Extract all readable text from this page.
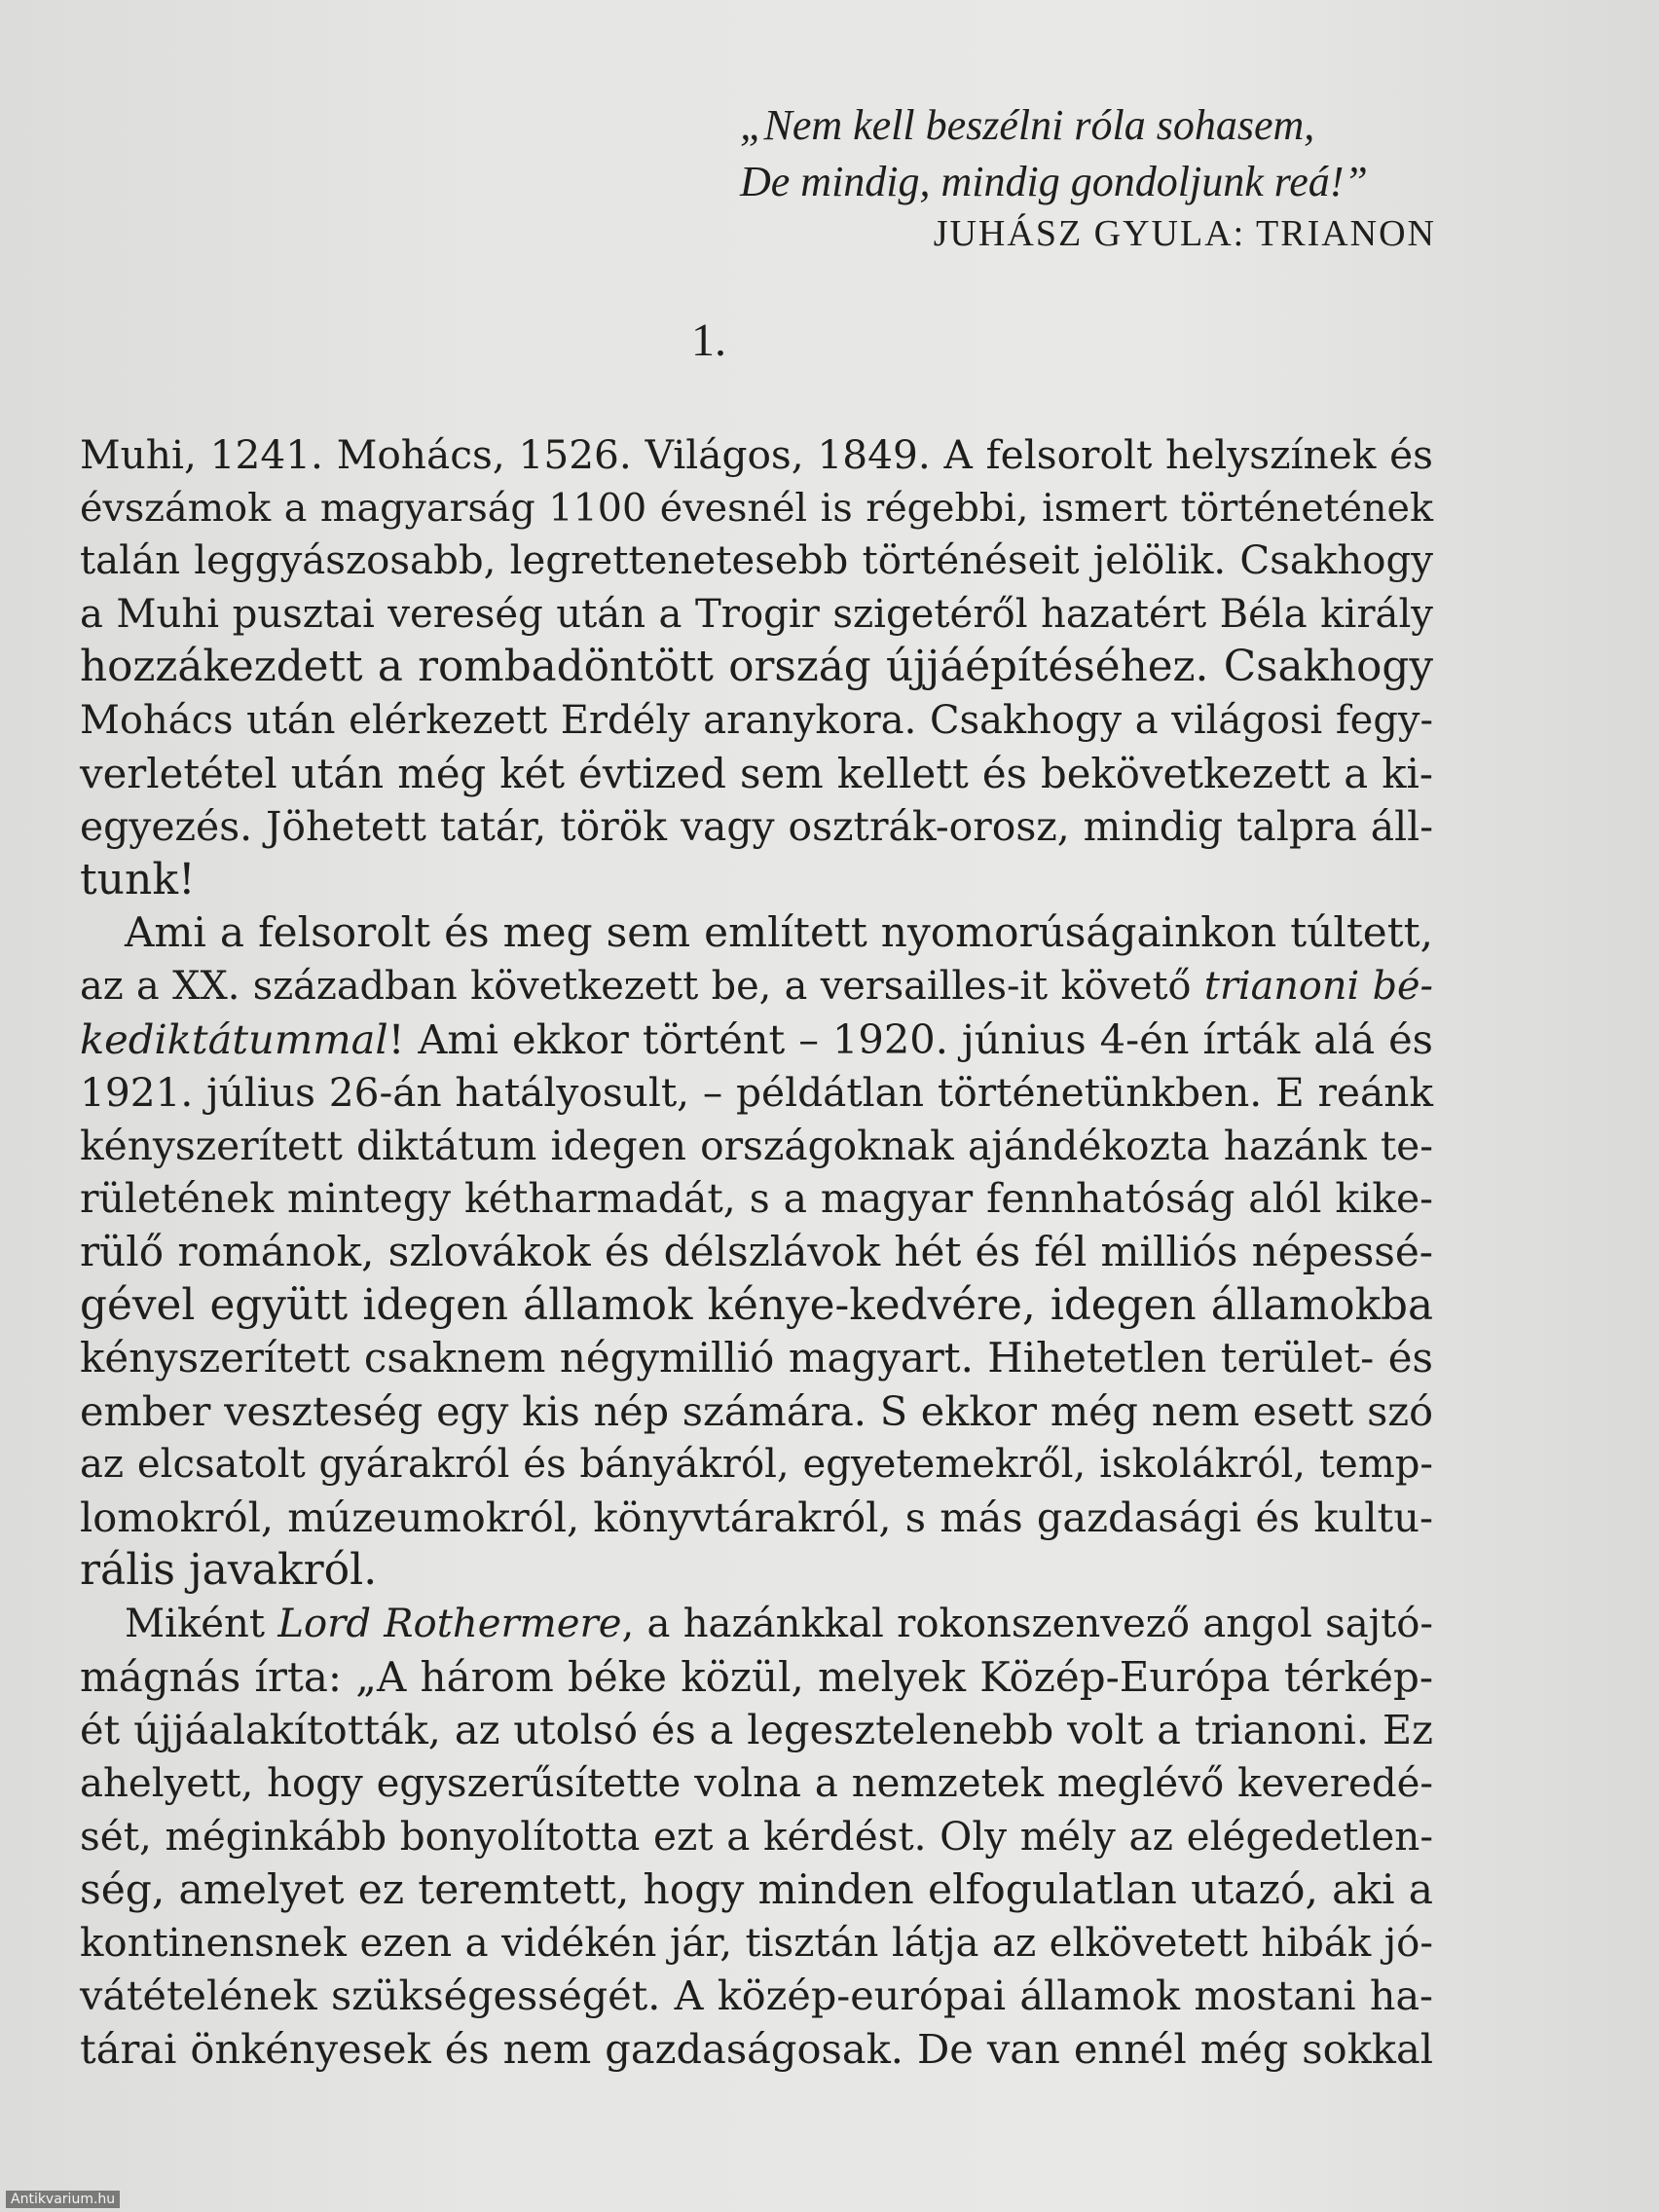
„Nem kell beszélni róla sohasem,
De mindig, mindig gondoljunk reá!”
JUHÁSZ GYULA: TRIANON
1.
Muhi, 1241. Mohács, 1526. Világos, 1849. A felsorolt helyszínek és
évszámok a magyarság 1100 évesnél is régebbi, ismert történetének
talán leggyászosabb, legrettenetesebb történéseit jelölik. Csakhogy
a Muhi pusztai vereség után a Trogir szigetéről hazatért Béla király
hozzákezdett a rombadöntött ország újjáépítéséhez. Csakhogy
Mohács után elérkezett Erdély aranykora. Csakhogy a világosi fegy-
verletétel után még két évtized sem kellett és bekövetkezett a ki-
egyezés. Jöhetett tatár, török vagy osztrák-orosz, mindig talpra áll-
tunk!
Ami a felsorolt és meg sem említett nyomorúságainkon túltett,
az a XX. században következett be, a versailles-it követő trianoni bé-
kediktátummal! Ami ekkor történt – 1920. június 4-én írták alá és
1921. július 26-án hatályosult, – példátlan történetünkben. E reánk
kényszerített diktátum idegen országoknak ajándékozta hazánk te-
rületének mintegy kétharmadát, s a magyar fennhatóság alól kike-
rülő románok, szlovákok és délszlávok hét és fél milliós népessé-
gével együtt idegen államok kénye-kedvére, idegen államokba
kényszerített csaknem négymillió magyart. Hihetetlen terület- és
ember veszteség egy kis nép számára. S ekkor még nem esett szó
az elcsatolt gyárakról és bányákról, egyetemekről, iskolákról, temp-
lomokról, múzeumokról, könyvtárakról, s más gazdasági és kultu-
rális javakról.
Miként Lord Rothermere, a hazánkkal rokonszenvező angol sajtó-
mágnás írta: „A három béke közül, melyek Közép-Európa térkép-
ét újjáalakították, az utolsó és a legesztelenebb volt a trianoni. Ez
ahelyett, hogy egyszerűsítette volna a nemzetek meglévő keveredé-
sét, méginkább bonyolította ezt a kérdést. Oly mély az elégedetlen-
ség, amelyet ez teremtett, hogy minden elfogulatlan utazó, aki a
kontinensnek ezen a vidékén jár, tisztán látja az elkövetett hibák jó-
vátételének szükségességét. A közép-európai államok mostani ha-
tárai önkényesek és nem gazdaságosak. De van ennél még sokkal
Antikvarium.hu
